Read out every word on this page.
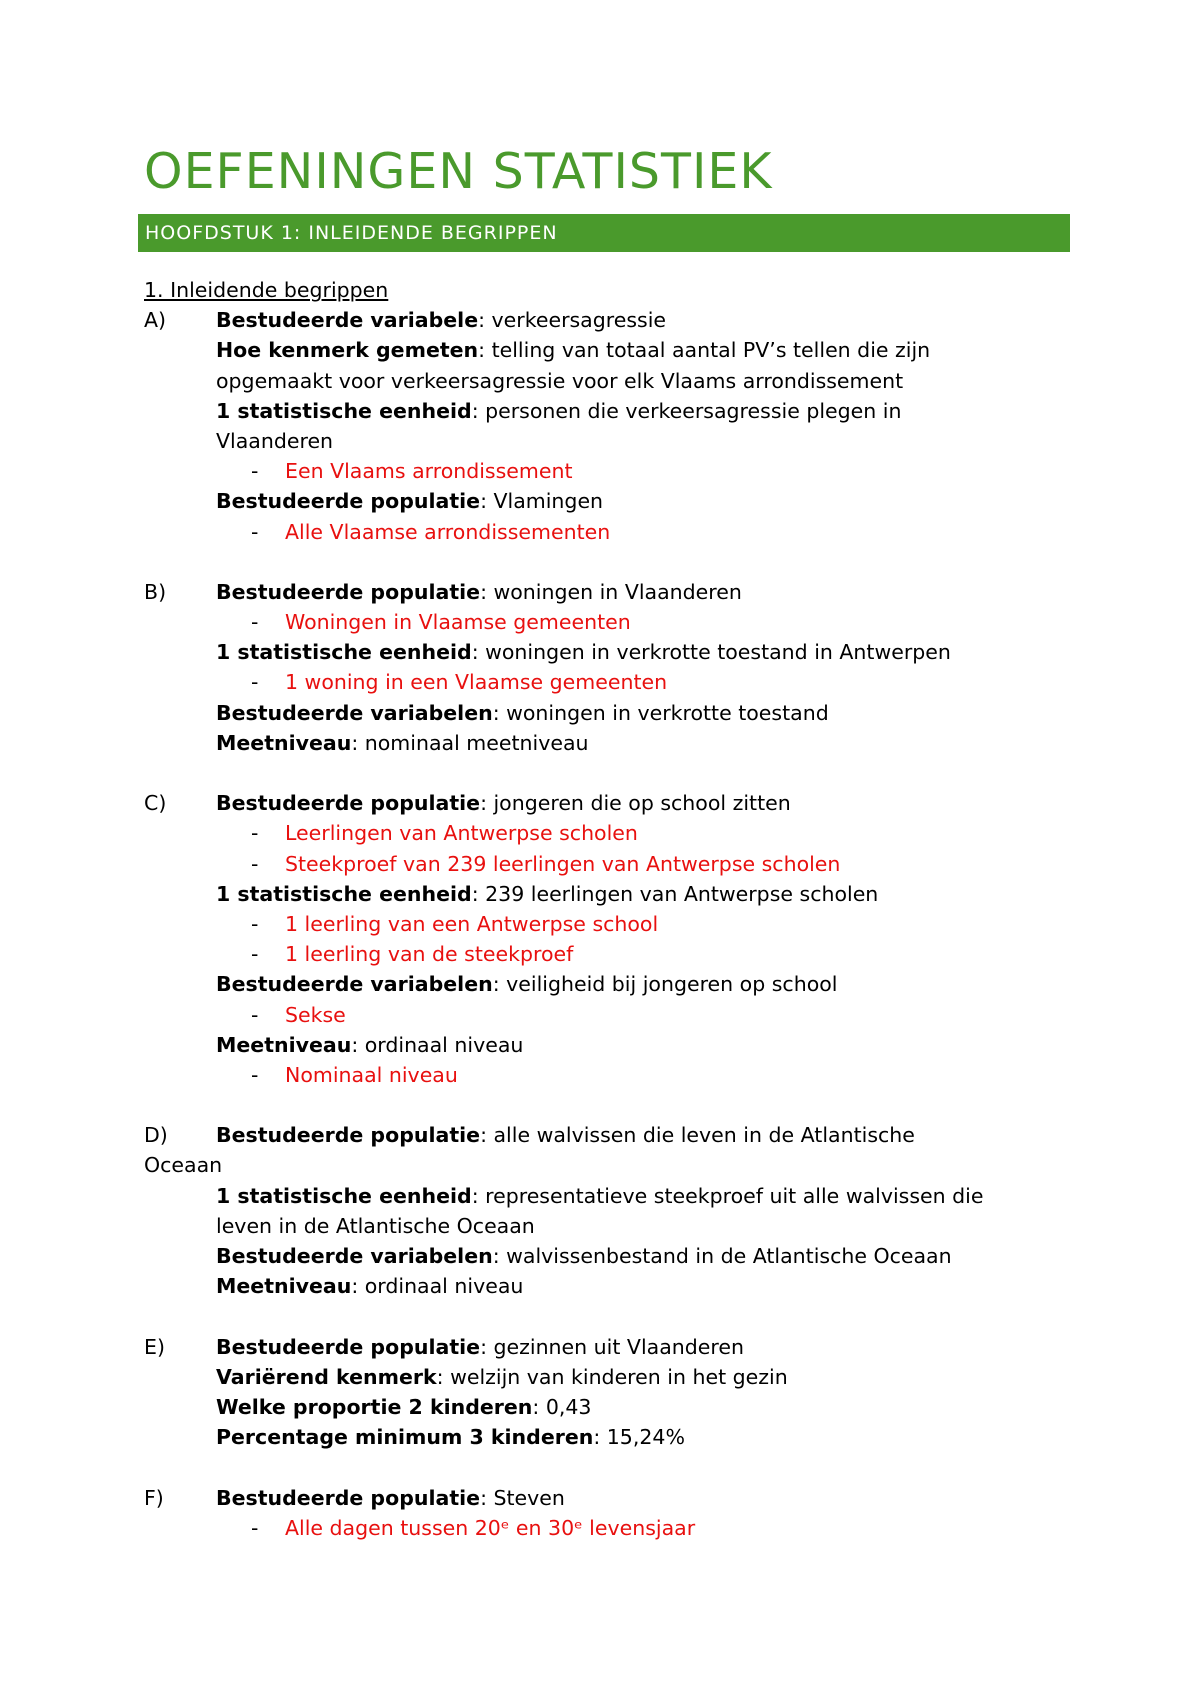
OEFENINGEN STATISTIEK
HOOFDSTUK 1: INLEIDENDE BEGRIPPEN
1. Inleidende begrippen
A) Bestudeerde variabele: verkeersagressie
Hoe kenmerk gemeten: telling van totaal aantal PV’s tellen die zijn
opgemaakt voor verkeersagressie voor elk Vlaams arrondissement
1 statistische eenheid: personen die verkeersagressie plegen in
Vlaanderen
- Een Vlaams arrondissement
Bestudeerde populatie: Vlamingen
- Alle Vlaamse arrondissementen
B) Bestudeerde populatie: woningen in Vlaanderen
- Woningen in Vlaamse gemeenten
1 statistische eenheid: woningen in verkrotte toestand in Antwerpen
- 1 woning in een Vlaamse gemeenten
Bestudeerde variabelen: woningen in verkrotte toestand
Meetniveau: nominaal meetniveau
C) Bestudeerde populatie: jongeren die op school zitten
- Leerlingen van Antwerpse scholen
- Steekproef van 239 leerlingen van Antwerpse scholen
1 statistische eenheid: 239 leerlingen van Antwerpse scholen
- 1 leerling van een Antwerpse school
- 1 leerling van de steekproef
Bestudeerde variabelen: veiligheid bij jongeren op school
- Sekse
Meetniveau: ordinaal niveau
- Nominaal niveau
D) Bestudeerde populatie: alle walvissen die leven in de Atlantische
Oceaan
1 statistische eenheid: representatieve steekproef uit alle walvissen die
leven in de Atlantische Oceaan
Bestudeerde variabelen: walvissenbestand in de Atlantische Oceaan
Meetniveau: ordinaal niveau
E) Bestudeerde populatie: gezinnen uit Vlaanderen
Variërend kenmerk: welzijn van kinderen in het gezin
Welke proportie 2 kinderen: 0,43
Percentage minimum 3 kinderen: 15,24%
F)	Bestudeerde populatie: Steven
- Alle dagen tussen 20ᵉ en 30ᵉ levensjaar
